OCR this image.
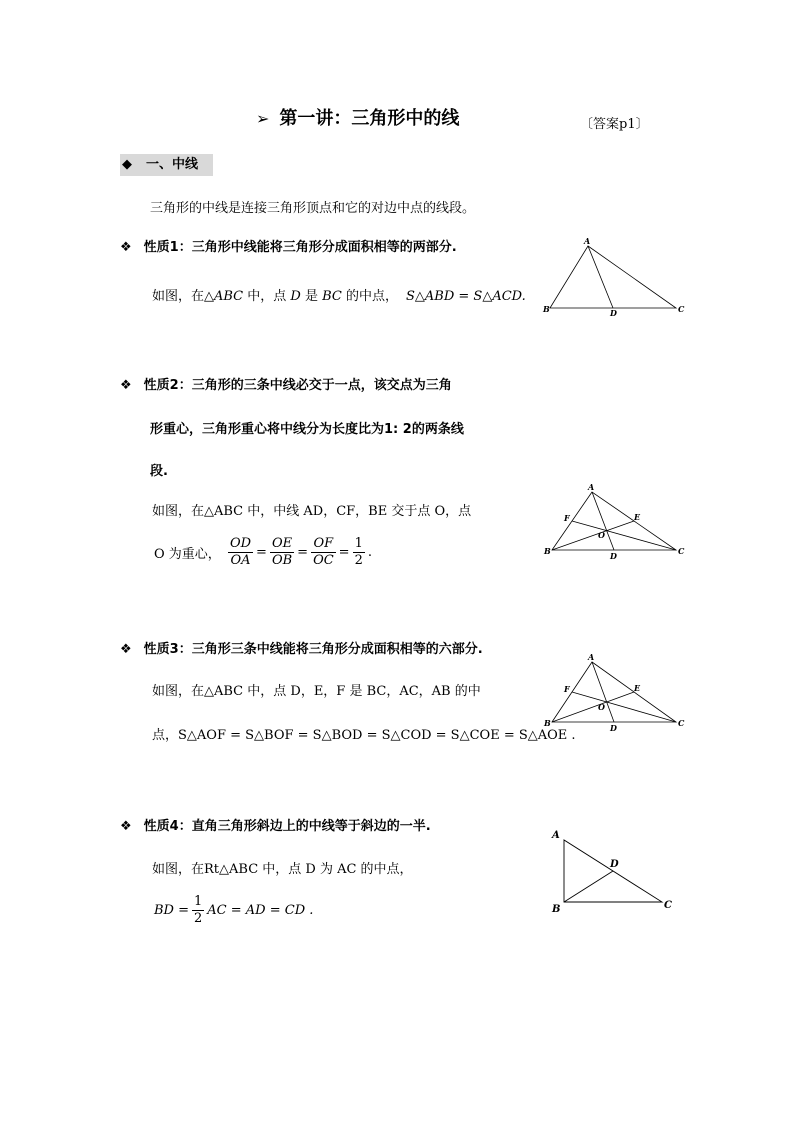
➢ 第一讲：三角形中的线	〔答案p1〕
◆ 一、中线
三角形的中线是连接三角形顶点和它的对边中点的线段。
❖ 性质1：三角形中线能将三角形分成面积相等的两部分.
如图，在△ABC 中，点 D 是 BC 的中点， S△ABD = S△ACD.
A
B	C
D
❖ 性质2：三角形的三条中线必交于一点，该交点为三角
形重心，三角形重心将中线分为长度比为1: 2的两条线
段.
如图，在△ABC 中，中线 AD，CF，BE 交于点 O，点
O 为重心， $\frac{OD}{OA} = \frac{OE}{OB} = \frac{OF}{OC} = \frac{1}{2}$ .
A
B	C
D
E
F
O
❖ 性质3：三角形三条中线能将三角形分成面积相等的六部分.
如图，在△ABC 中，点 D，E，F 是 BC，AC，AB 的中
点，S△AOF = S△BOF = S△BOD = S△COD = S△COE = S△AOE .
A
B	C
D
E
F
O
❖ 性质4：直角三角形斜边上的中线等于斜边的一半.
如图，在Rt△ABC 中，点 D 为 AC 的中点，
BD = $\frac{1}{2}$ AC = AD = CD .
A
B	C
D
